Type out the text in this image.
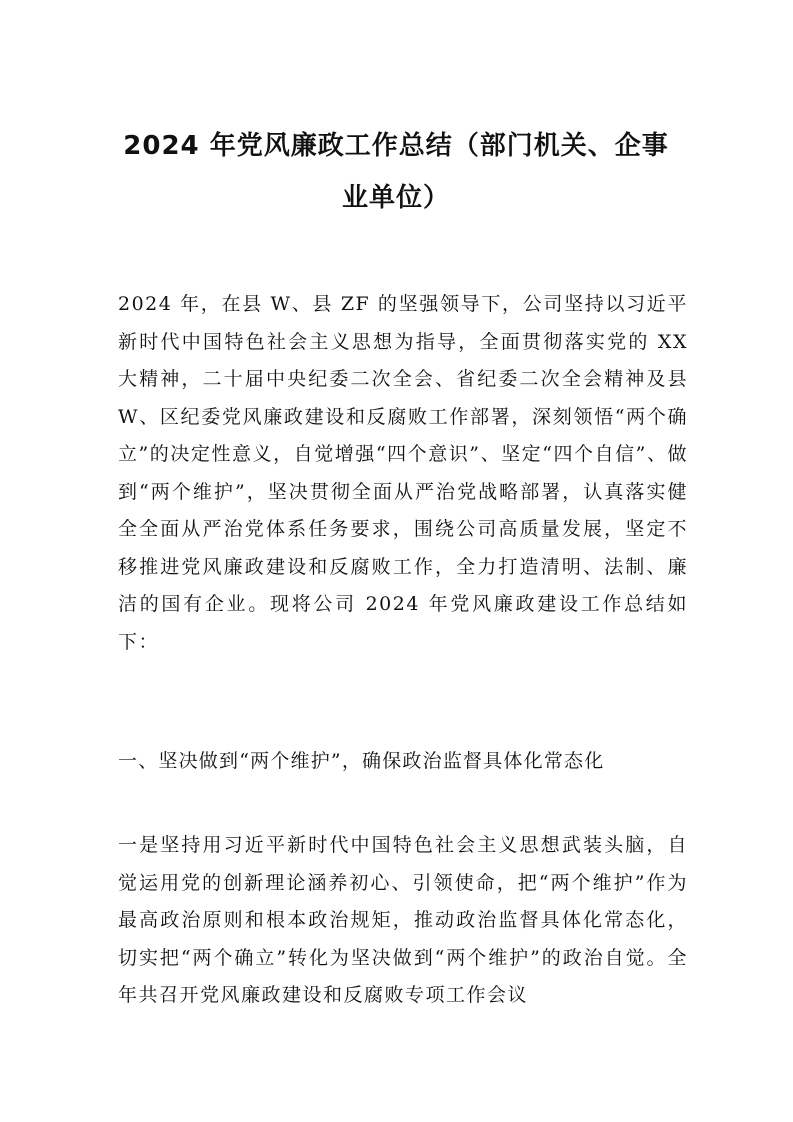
2024 年党风廉政工作总结（部门机关、企事
业单位）

2024 年，在县 W、县 ZF 的坚强领导下，公司坚持以习近平新时代中国特色社会主义思想为指导，全面贯彻落实党的 XX 大精神，二十届中央纪委二次全会、省纪委二次全会精神及县 W、区纪委党风廉政建设和反腐败工作部署，深刻领悟“两个确立”的决定性意义，自觉增强“四个意识”、坚定“四个自信”、做到“两个维护”，坚决贯彻全面从严治党战略部署，认真落实健全全面从严治党体系任务要求，围绕公司高质量发展，坚定不移推进党风廉政建设和反腐败工作，全力打造清明、法制、廉洁的国有企业。现将公司 2024 年党风廉政建设工作总结如下：

一、坚决做到“两个维护”，确保政治监督具体化常态化

一是坚持用习近平新时代中国特色社会主义思想武装头脑，自觉运用党的创新理论涵养初心、引领使命，把“两个维护”作为最高政治原则和根本政治规矩，推动政治监督具体化常态化，切实把“两个确立”转化为坚决做到“两个维护”的政治自觉。全年共召开党风廉政建设和反腐败专项工作会议
